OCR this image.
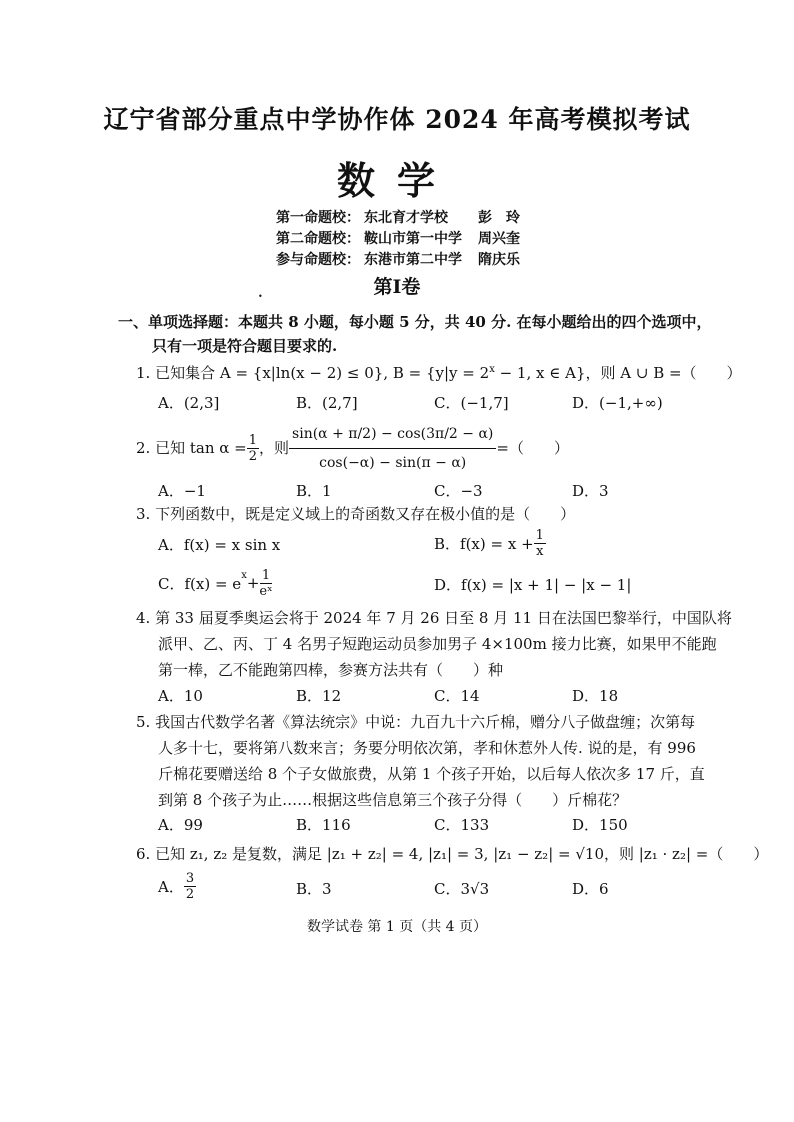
辽宁省部分重点中学协作体 2024 年高考模拟考试
数学
第一命题校： 东北育才学校 彭　玲
第二命题校： 鞍山市第一中学 周兴奎
参与命题校： 东港市第二中学 隋庆乐
第Ⅰ卷
•
一、单项选择题：本题共 8 小题，每小题 5 分，共 40 分. 在每小题给出的四个选项中，
只有一项是符合题目要求的.
1. 已知集合 A = {x|ln(x − 2) ≤ 0}, $B = \{y|y = 2^x - 1$, x ∈ A}，则 A ∪ B =（　　）
A．(2,3]	B．(2,7]	C．(−1,7]	D．(−1,+∞)
2.
已知 $\tan \alpha = \frac{1}{2}$ ，则 $\frac{\sin(\alpha + \pi/2) - \cos(3\pi/2 - \alpha)}{\cos(-\alpha) - \sin(\pi - \alpha)}$ =（　　）
A．−1	B．1	C．−3	D．3
3. 下列函数中，既是定义域上的奇函数又存在极小值的是（　　）
A．f(x) = x sin x	B．$f(x) = x + \frac{1}{x}$
C．$f(x) = e^x + \frac{1}{\text{eˣ}}$	D．f(x) = |x + 1| − |x − 1|
4. 第 33 届夏季奥运会将于 2024 年 7 月 26 日至 8 月 11 日在法国巴黎举行，中国队将
派甲、乙、丙、丁 4 名男子短跑运动员参加男子 4×100m 接力比赛，如果甲不能跑
第一棒，乙不能跑第四棒，参赛方法共有（　　）种
A．10	B．12	C．14	D．18
5. 我国古代数学名著《算法统宗》中说：九百九十六斤棉，赠分八子做盘缠；次第每
人多十七，要将第八数来言；务要分明依次第，孝和休惹外人传. 说的是，有 996
斤棉花要赠送给 8 个子女做旅费，从第 1 个孩子开始，以后每人依次多 17 斤，直
到第 8 个孩子为止……根据这些信息第三个孩子分得（　　）斤棉花？
A．99	B．116	C．133	D．150
6. 已知 z₁, z₂ 是复数，满足 |z₁ + z₂| = 4, |z₁| = 3, |z₁ − z₂| = √10，则 |z₁ · z₂| =（　　）
A． $\frac{3}{2}$	B．3	C．3√3	D．6
数学试卷 第 1 页（共 4 页）
